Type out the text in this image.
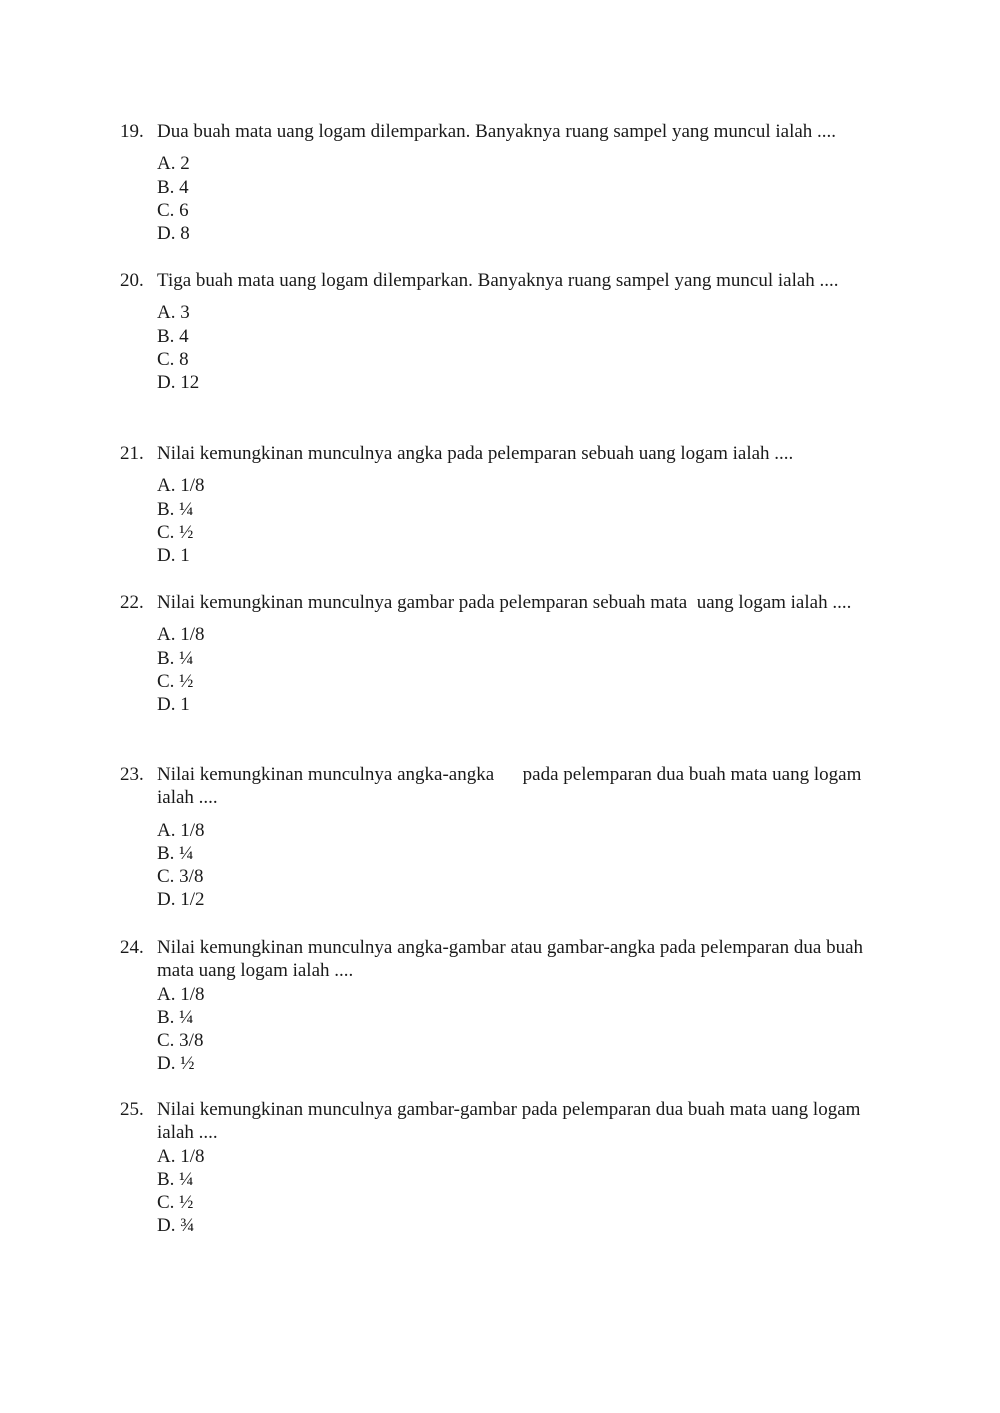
19. Dua buah mata uang logam dilemparkan. Banyaknya ruang sampel yang muncul ialah ....
A. 2
B. 4
C. 6
D. 8
20. Tiga buah mata uang logam dilemparkan. Banyaknya ruang sampel yang muncul ialah ....
A. 3
B. 4
C. 8
D. 12
21. Nilai kemungkinan munculnya angka pada pelemparan sebuah uang logam ialah ....
A. 1/8
B. ¼
C. ½
D. 1
22. Nilai kemungkinan munculnya gambar pada pelemparan sebuah mata  uang logam ialah ....
A. 1/8
B. ¼
C. ½
D. 1
23. Nilai kemungkinan munculnya angka-angka      pada pelemparan dua buah mata uang logam ialah ....
A. 1/8
B. ¼
C. 3/8
D. 1/2
24. Nilai kemungkinan munculnya angka-gambar atau gambar-angka pada pelemparan dua buah mata uang logam ialah ....
A. 1/8
B. ¼
C. 3/8
D. ½
25. Nilai kemungkinan munculnya gambar-gambar pada pelemparan dua buah mata uang logam ialah ....
A. 1/8
B. ¼
C. ½
D. ¾
